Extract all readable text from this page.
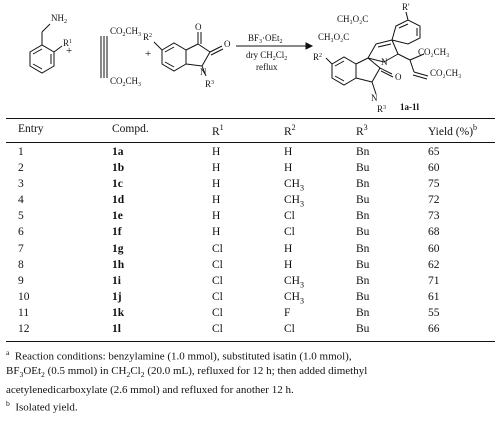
$NH_2$
$R^1$
+
$CO_2CH_3$
$CO_2CH_3$
+
$R^2$
O
O
N
$R^3$
$BF_3\cdot OEt_2$
dry $CH_2Cl_2$
reflux
R'
CH₃O₂C
CH₃O₂C
CO₂CH₃
CO₂CH₃
$R^2$
N
N
O
$R^3$ 1a-1l
Entry	Compd.	$R^1$	$R^2$	$R^3$	Yield (%)$^b$
1	1a	H	H	Bn	65
2	1b	H	H	Bu	60
3	1c	H	$CH_3$	Bn	75
4	1d	H	$CH_3$	Bu	72
5	1e	H	Cl	Bn	73
6	1f	H	Cl	Bu	68
7	1g	Cl	H	Bn	60
8	1h	Cl	H	Bu	62
9	1i	Cl	$CH_3$	Bn	71
10	1j	Cl	$CH_3$	Bu	61
11	1k	Cl	F	Bn	55
12	1l	Cl	Cl	Bu	66
$^a$ Reaction conditions: benzylamine (1.0 mmol), substituted isatin (1.0 mmol),
$BF_3OEt_2$ (0.5 mmol) in $CH_2Cl_2$ (20.0 mL), refluxed for 12 h; then added dimethyl
acetylenedicarboxylate (2.6 mmol) and refluxed for another 12 h.
$^b$ Isolated yield.
